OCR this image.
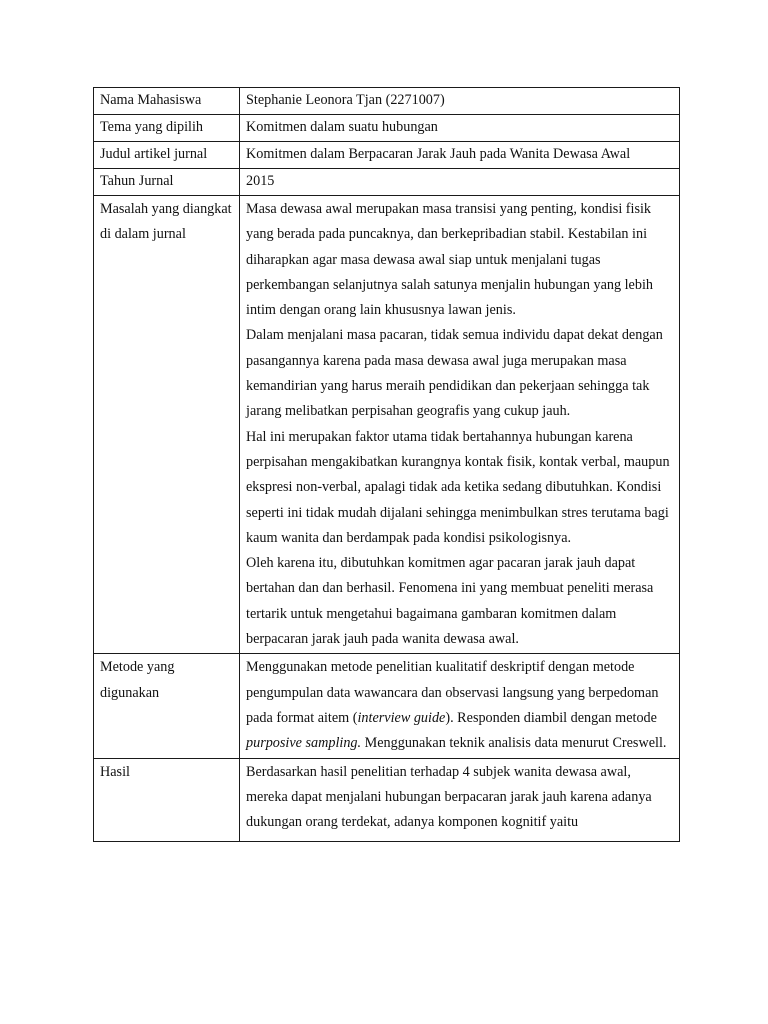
Nama Mahasiswa	Stephanie Leonora Tjan (2271007)
Tema yang dipilih	Komitmen dalam suatu hubungan
Judul artikel jurnal	Komitmen dalam Berpacaran Jarak Jauh pada Wanita Dewasa Awal
Tahun Jurnal	2015

Masalah yang diangkat di dalam jurnal	Masa dewasa awal merupakan masa transisi yang penting, kondisi fisik yang berada pada puncaknya, dan berkepribadian stabil. Kestabilan ini diharapkan agar masa dewasa awal siap untuk menjalani tugas perkembangan selanjutnya salah satunya menjalin hubungan yang lebih intim dengan orang lain khususnya lawan jenis.
Dalam menjalani masa pacaran, tidak semua individu dapat dekat dengan pasangannya karena pada masa dewasa awal juga merupakan masa kemandirian yang harus meraih pendidikan dan pekerjaan sehingga tak jarang melibatkan perpisahan geografis yang cukup jauh.
Hal ini merupakan faktor utama tidak bertahannya hubungan karena perpisahan mengakibatkan kurangnya kontak fisik, kontak verbal, maupun ekspresi non-verbal, apalagi tidak ada ketika sedang dibutuhkan. Kondisi seperti ini tidak mudah dijalani sehingga menimbulkan stres terutama bagi kaum wanita dan berdampak pada kondisi psikologisnya.
Oleh karena itu, dibutuhkan komitmen agar pacaran jarak jauh dapat bertahan dan dan berhasil. Fenomena ini yang membuat peneliti merasa tertarik untuk mengetahui bagaimana gambaran komitmen dalam berpacaran jarak jauh pada wanita dewasa awal.

Metode yang digunakan	Menggunakan metode penelitian kualitatif deskriptif dengan metode pengumpulan data wawancara dan observasi langsung yang berpedoman pada format aitem (interview guide). Responden diambil dengan metode purposive sampling. Menggunakan teknik analisis data menurut Creswell.

Hasil	Berdasarkan hasil penelitian terhadap 4 subjek wanita dewasa awal, mereka dapat menjalani hubungan berpacaran jarak jauh karena adanya dukungan orang terdekat, adanya komponen kognitif yaitu
